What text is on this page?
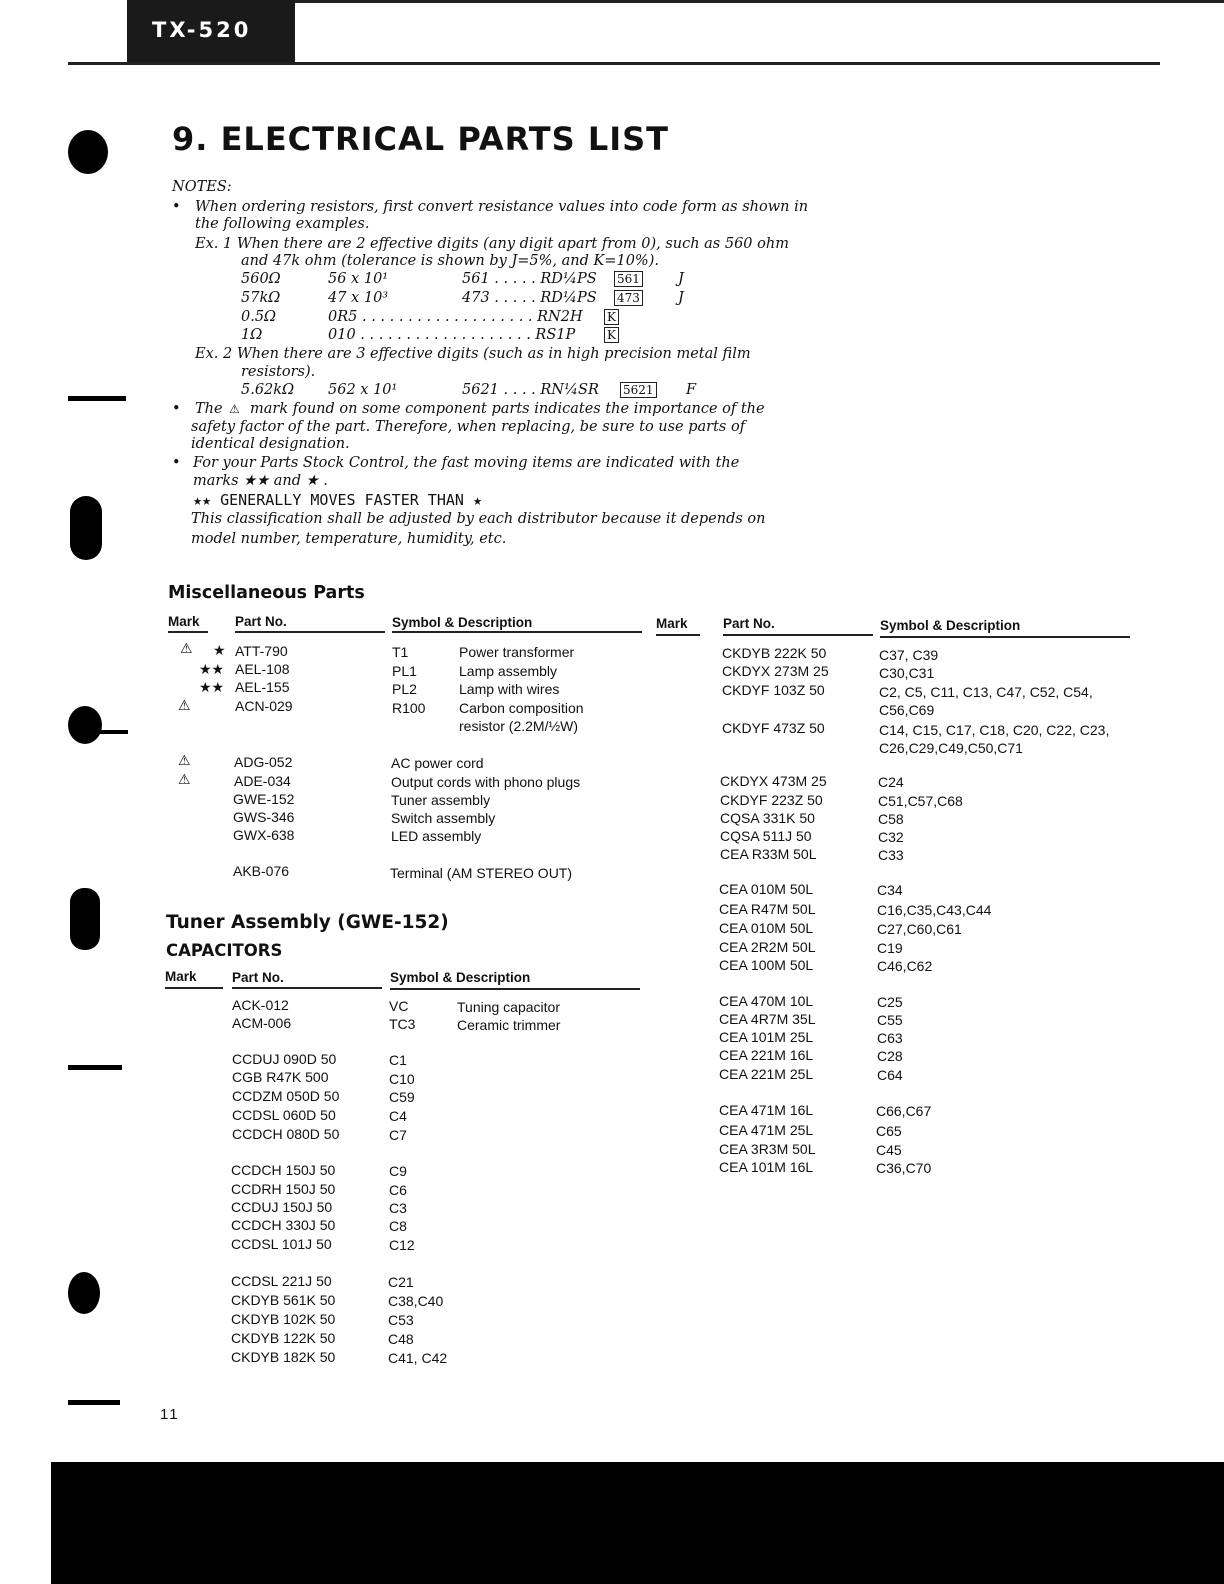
TX-520
9. ELECTRICAL PARTS LIST
NOTES:
• When ordering resistors, first convert resistance values into code form as shown in
the following examples.
Ex. 1 When there are 2 effective digits (any digit apart from 0), such as 560 ohm
and 47k ohm (tolerance is shown by J=5%, and K=10%).
560Ω	56 x 10¹	561 . . . . . RD¼PS 561	J
57kΩ	47 x 10³	473 . . . . . RD¼PS 473	J
0.5Ω	0R5 . . . . . . . . . . . . . . . . . . . RN2H K
1Ω	010 . . . . . . . . . . . . . . . . . . . RS1P	K
Ex. 2 When there are 3 effective digits (such as in high precision metal film
resistors).
5.62kΩ 562 x 10¹	5621 . . . . RN¼SR 5621 F
• The ⚠ mark found on some component parts indicates the importance of the
safety factor of the part. Therefore, when replacing, be sure to use parts of
identical designation.
• For your Parts Stock Control, the fast moving items are indicated with the
marks ★★ and ★ .
★★ GENERALLY MOVES FASTER THAN ★
This classification shall be adjusted by each distributor because it depends on
model number, temperature, humidity, etc.
Miscellaneous Parts
Mark	Part No.	Symbol & Description
⚠ ★ ATT-790	T1	Power transformer
★★ AEL-108	PL1	Lamp assembly
★★ AEL-155	PL2	Lamp with wires
⚠	ACN-029	R100 Carbon composition
resistor (2.2M/½W)
⚠	ADG-052	AC power cord
⚠	ADE-034	Output cords with phono plugs
GWE-152	Tuner assembly
GWS-346	Switch assembly
GWX-638	LED assembly
AKB-076	Terminal (AM STEREO OUT)
Tuner Assembly (GWE-152)
CAPACITORS
Mark	Part No.	Symbol & Description
ACK-012	VC	Tuning capacitor
ACM-006	TC3	Ceramic trimmer
CCDUJ 090D 50	C1
CGB R47K 500	C10
CCDZM 050D 50	C59
CCDSL 060D 50	C4
CCDCH 080D 50	C7
CCDCH 150J 50	C9
CCDRH 150J 50	C6
CCDUJ 150J 50	C3
CCDCH 330J 50	C8
CCDSL 101J 50	C12
CCDSL 221J 50	C21
CKDYB 561K 50	C38,C40
CKDYB 102K 50	C53
CKDYB 122K 50	C48
CKDYB 182K 50	C41, C42
Mark	Part No.	Symbol & Description
CKDYB 222K 50	C37, C39
CKDYX 273M 25	C30,C31
CKDYF 103Z 50	C2, C5, C11, C13, C47, C52, C54,
C56,C69
CKDYF 473Z 50	C14, C15, C17, C18, C20, C22, C23,
C26,C29,C49,C50,C71
CKDYX 473M 25	C24
CKDYF 223Z 50	C51,C57,C68
CQSA 331K 50	C58
CQSA 511J 50	C32
CEA R33M 50L	C33
CEA 010M 50L	C34
CEA R47M 50L	C16,C35,C43,C44
CEA 010M 50L	C27,C60,C61
CEA 2R2M 50L	C19
CEA 100M 50L	C46,C62
CEA 470M 10L	C25
CEA 4R7M 35L	C55
CEA 101M 25L	C63
CEA 221M 16L	C28
CEA 221M 25L	C64
CEA 471M 16L	C66,C67
CEA 471M 25L	C65
CEA 3R3M 50L	C45
CEA 101M 16L	C36,C70
11
